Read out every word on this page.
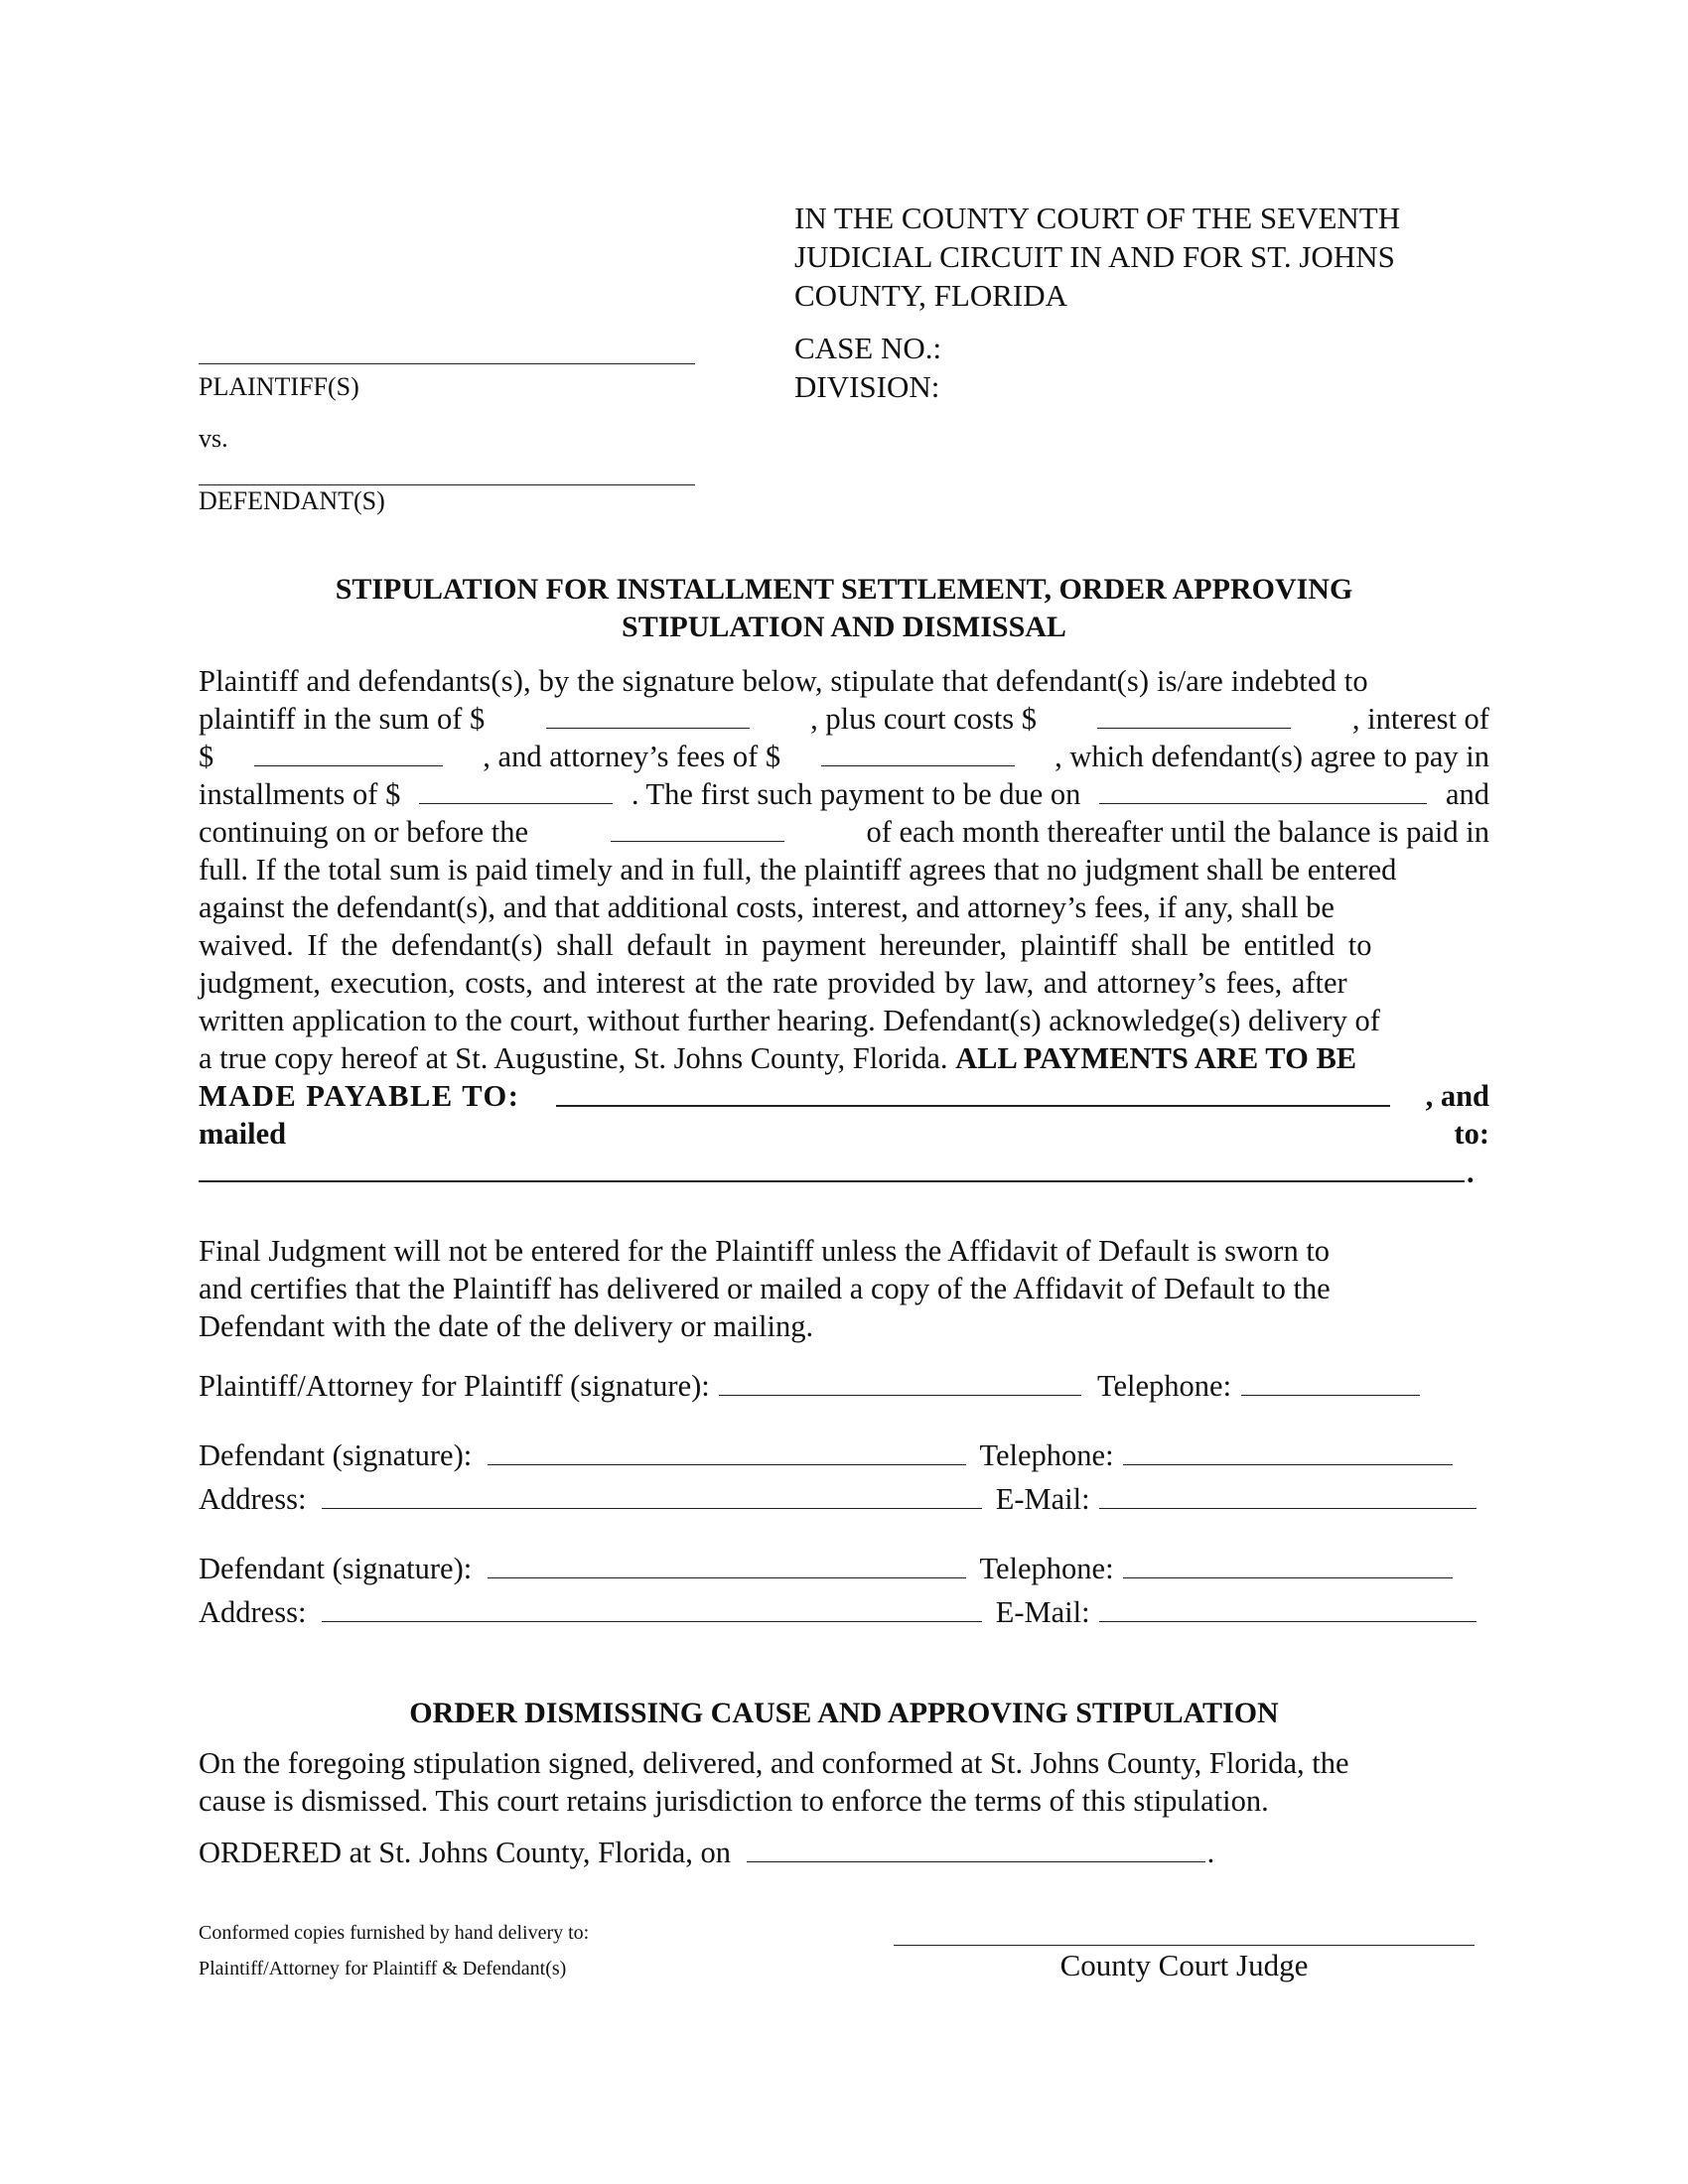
IN THE COUNTY COURT OF THE SEVENTH
JUDICIAL CIRCUIT IN AND FOR ST. JOHNS
COUNTY, FLORIDA
CASE NO.:
DIVISION:
PLAINTIFF(S)
vs.
DEFENDANT(S)
STIPULATION FOR INSTALLMENT SETTLEMENT, ORDER APPROVING
STIPULATION AND DISMISSAL
Plaintiff and defendants(s), by the signature below, stipulate that defendant(s) is/are indebted to
plaintiff in the sum of $	, plus court costs $	, interest of
$	, and attorney’s fees of $	, which defendant(s) agree to pay in
installments of $	. The first such payment to be due on	and
continuing on or before the	of each month thereafter until the balance is paid in
full. If the total sum is paid timely and in full, the plaintiff agrees that no judgment shall be entered
against the defendant(s), and that additional costs, interest, and attorney’s fees, if any, shall be
waived. If the defendant(s) shall default in payment hereunder, plaintiff shall be entitled to
judgment, execution, costs, and interest at the rate provided by law, and attorney’s fees, after
written application to the court, without further hearing. Defendant(s) acknowledge(s) delivery of
a true copy hereof at St. Augustine, St. Johns County, Florida. ALL PAYMENTS ARE TO BE
MADE PAYABLE TO:	, and
mailed	to:
.
Final Judgment will not be entered for the Plaintiff unless the Affidavit of Default is sworn to
and certifies that the Plaintiff has delivered or mailed a copy of the Affidavit of Default to the
Defendant with the date of the delivery or mailing.
Plaintiff/Attorney for Plaintiff (signature):	Telephone:
Defendant (signature):	Telephone:
Address:	E-Mail:
Defendant (signature):	Telephone:
Address:	E-Mail:
ORDER DISMISSING CAUSE AND APPROVING STIPULATION
On the foregoing stipulation signed, delivered, and conformed at St. Johns County, Florida, the
cause is dismissed. This court retains jurisdiction to enforce the terms of this stipulation.
ORDERED at St. Johns County, Florida, on	.
Conformed copies furnished by hand delivery to:
Plaintiff/Attorney for Plaintiff & Defendant(s)	County Court Judge
